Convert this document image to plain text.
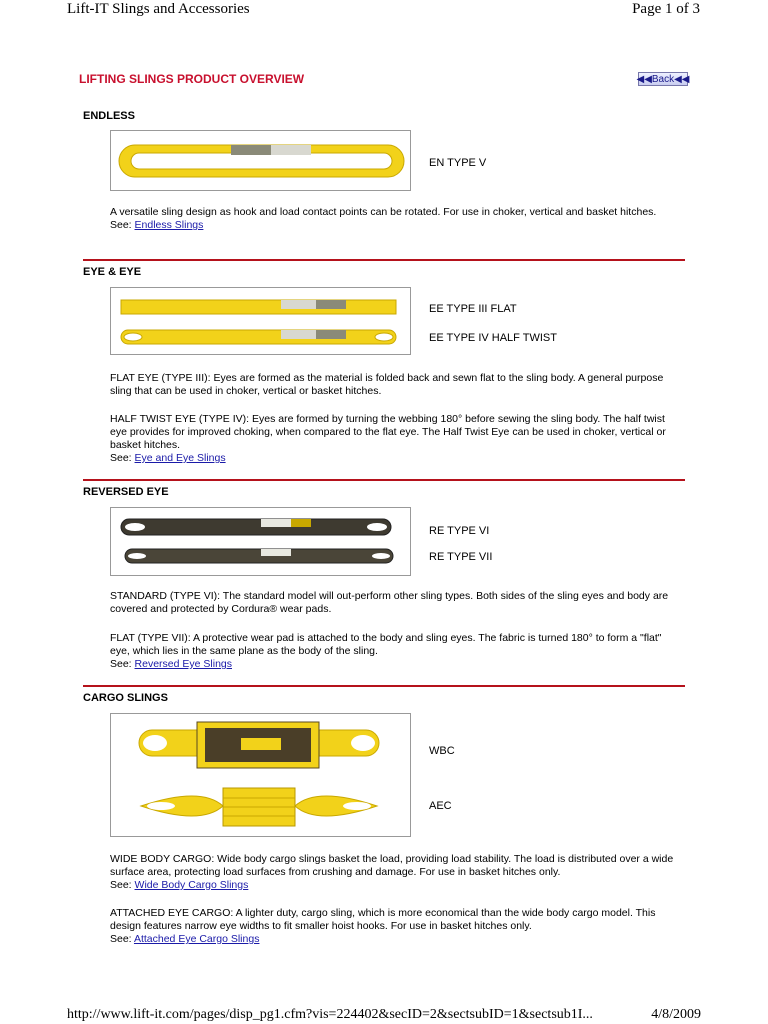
Lift-IT Slings and Accessories	Page 1 of 3
LIFTING SLINGS PRODUCT OVERVIEW	◀◀Back◀◀
ENDLESS
EN TYPE V
A versatile sling design as hook and load contact points can be rotated. For use in choker, vertical and basket hitches.
See: Endless Slings
EYE & EYE
EE TYPE III FLAT
EE TYPE IV HALF TWIST
FLAT EYE (TYPE III): Eyes are formed as the material is folded back and sewn flat to the sling body. A general purpose sling that can be used in choker, vertical or basket hitches.
HALF TWIST EYE (TYPE IV): Eyes are formed by turning the webbing 180° before sewing the sling body. The half twist eye provides for improved choking, when compared to the flat eye. The Half Twist Eye can be used in choker, vertical or basket hitches.
See: Eye and Eye Slings
REVERSED EYE
RE TYPE VI
RE TYPE VII
STANDARD (TYPE VI): The standard model will out-perform other sling types. Both sides of the sling eyes and body are covered and protected by Cordura® wear pads.
FLAT (TYPE VII): A protective wear pad is attached to the body and sling eyes. The fabric is turned 180° to form a "flat" eye, which lies in the same plane as the body of the sling.
See: Reversed Eye Slings
CARGO SLINGS
WBC
AEC
WIDE BODY CARGO: Wide body cargo slings basket the load, providing load stability. The load is distributed over a wide surface area, protecting load surfaces from crushing and damage. For use in basket hitches only.
See: Wide Body Cargo Slings
ATTACHED EYE CARGO: A lighter duty, cargo sling, which is more economical than the wide body cargo model. This design features narrow eye widths to fit smaller hoist hooks. For use in basket hitches only.
See: Attached Eye Cargo Slings
http://www.lift-it.com/pages/disp_pg1.cfm?vis=224402&secID=2&sectsubID=1&sectsub1I...	4/8/2009
